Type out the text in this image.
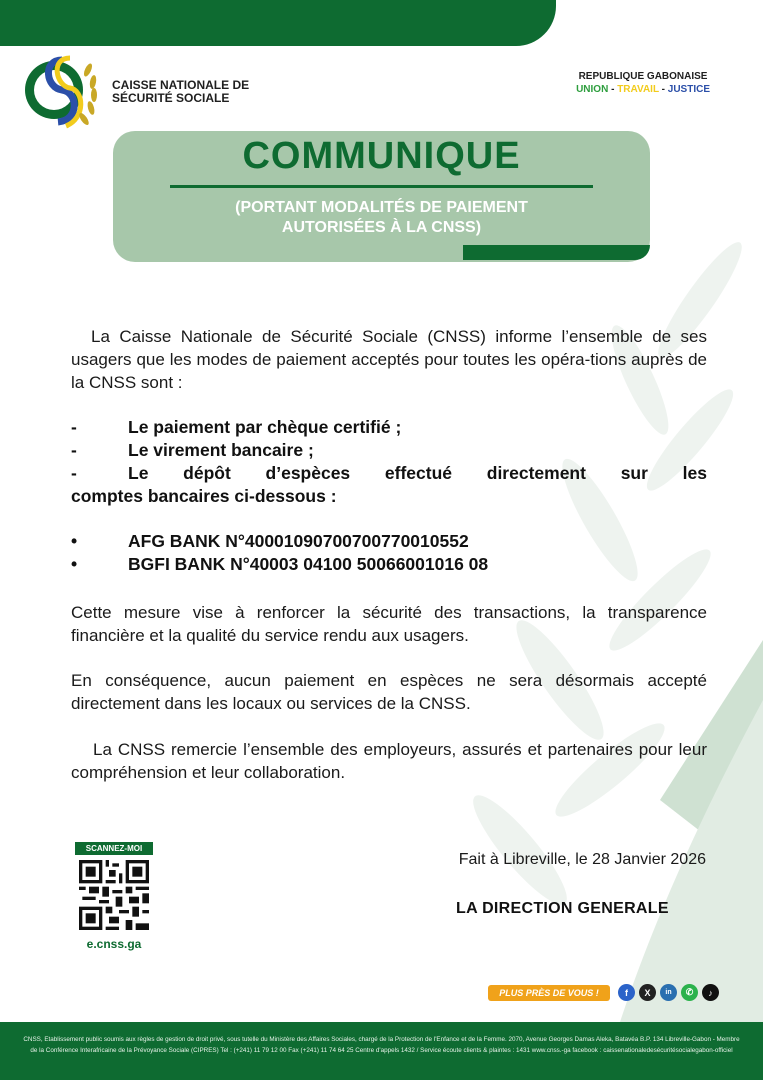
CAISSE NATIONALE DE
SÉCURITÉ SOCIALE
REPUBLIQUE GABONAISE
UNION - TRAVAIL - JUSTICE
COMMUNIQUE
(PORTANT MODALITÉS DE PAIEMENT
AUTORISÉES À LA CNSS)
La Caisse Nationale de Sécurité Sociale (CNSS) informe l’ensemble de ses usagers que les modes de paiement acceptés pour toutes les opéra-tions auprès de la CNSS sont :
-	Le paiement par chèque certifié ;
-	Le virement bancaire ;
-	Le dépôt d’espèces effectué directement sur les
comptes bancaires ci-dessous :
•	AFG BANK N°40001090700700770010552
•	BGFI BANK N°40003 04100 50066001016 08
Cette mesure vise à renforcer la sécurité des transactions, la transparence financière et la qualité du service rendu aux usagers.
En conséquence, aucun paiement en espèces ne sera désormais accepté directement dans les locaux ou services de la CNSS.
La CNSS remercie l’ensemble des employeurs, assurés et partenaires pour leur compréhension et leur collaboration.
SCANNEZ-MOI
e.cnss.ga
Fait à Libreville, le 28 Janvier 2026
LA DIRECTION GENERALE
PLUS PRÈS DE VOUS !	f	X	in	✆	♪
CNSS, Etablissement public soumis aux règles de gestion de droit privé, sous tutelle du Ministère des Affaires Sociales, chargé de la Protection de l'Enfance et de la Femme. 2070, Avenue Georges Damas Aleka, Batavéa B.P. 134 Libreville-Gabon - Membre de la Conférence Interafricaine de la Prévoyance Sociale (CIPRES) Tel : (+241) 11 79 12 00 Fax (+241) 11 74 64 25 Centre d'appels 1432 / Service écoute clients & plaintes : 1431 www.cnss.-ga facebook : caissenationaledesécuritésocialegabon-officiel
